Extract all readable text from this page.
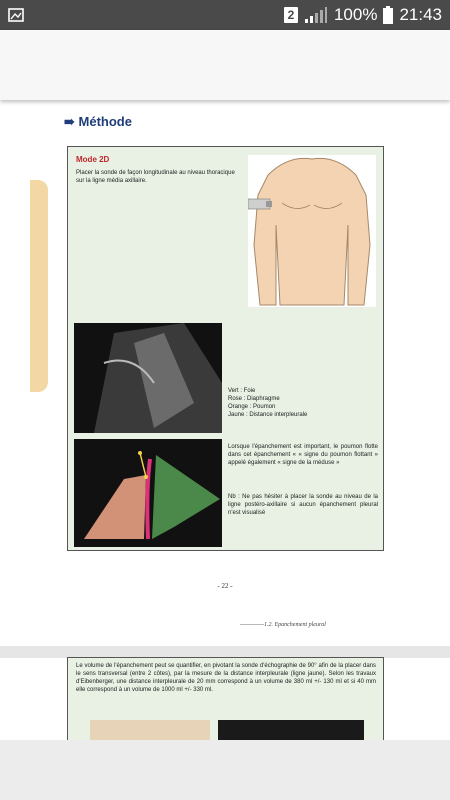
2 100% 21:43
➠ Méthode
Mode 2D
Placer la sonde de façon longitudinale au niveau thoracique sur la ligne média axillaire.
Vert : Foie
Rose : Diaphragme
Orange : Poumon
Jaune : Distance interpleurale
Lorsque l'épanchement est important, le poumon flotte dans cet épanchement « « signe du poumon flottant » appelé également « signe de la méduse »
Nb : Ne pas hésiter à placer la sonde au niveau de la ligne postéro-axillaire si aucun épanchement pleural n'est visualisé
- 22 -
------------1.2. Epanchement pleural
Le volume de l'épanchement peut se quantifier, en pivotant la sonde d'échographie de 90° afin de la placer dans le sens transversal (entre 2 côtes), par la mesure de la distance interpleurale (ligne jaune). Selon les travaux d'Eibenberger, une distance interpleurale de 20 mm correspond à un volume de 380 ml +/- 130 ml et si 40 mm elle correspond à un volume de 1000 ml +/- 330 ml.
